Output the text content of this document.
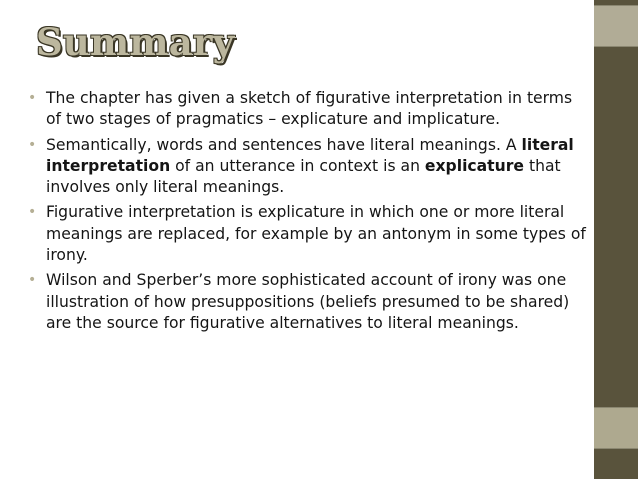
Summary
• The chapter has given a sketch of figurative interpretation in terms of two stages of pragmatics – explicature and implicature.
• Semantically, words and sentences have literal meanings. A literal interpretation of an utterance in context is an explicature that involves only literal meanings.
• Figurative interpretation is explicature in which one or more literal meanings are replaced, for example by an antonym in some types of irony.
• Wilson and Sperber’s more sophisticated account of irony was one illustration of how presuppositions (beliefs presumed to be shared) are the source for figurative alternatives to literal meanings.
